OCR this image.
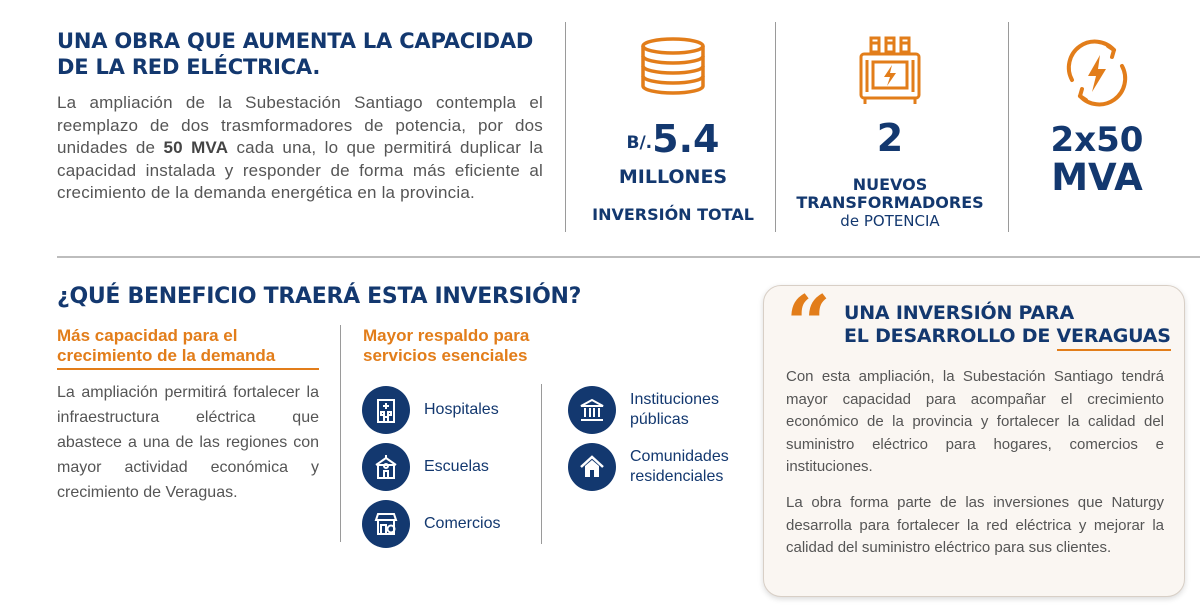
UNA OBRA QUE AUMENTA LA CAPACIDAD
DE LA RED ELÉCTRICA.

La ampliación de la Subestación Santiago contempla el reemplazo de dos trasmformadores de potencia, por dos unidades de 50 MVA cada una, lo que permitirá duplicar la capacidad instalada y responder de forma más eficiente al crecimiento de la demanda energética en la provincia.

B/.5.4
MILLONES
INVERSIÓN TOTAL
2
NUEVOS
TRANSFORMADORES
de POTENCIA
2x50
MVA
¿QUÉ BENEFICIO TRAERÁ ESTA INVERSIÓN?
Más capacidad para el
crecimiento de la demanda

La ampliación permitirá fortalecer la infraestructura eléctrica que abastece a una de las regiones con mayor actividad económica y crecimiento de Veraguas.

Mayor respaldo para
servicios esenciales
Hospitales
Escuelas
Comercios
Instituciones
públicas
Comunidades
residenciales
“ UNA INVERSIÓN PARA
EL DESARROLLO DE VERAGUAS

Con esta ampliación, la Subestación Santiago tendrá mayor capacidad para acompañar el crecimiento económico de la provincia y fortalecer la calidad del suministro eléctrico para hogares, comercios e instituciones.

La obra forma parte de las inversiones que Naturgy desarrolla para fortalecer la red eléctrica y mejorar la calidad del suministro eléctrico para sus clientes.
